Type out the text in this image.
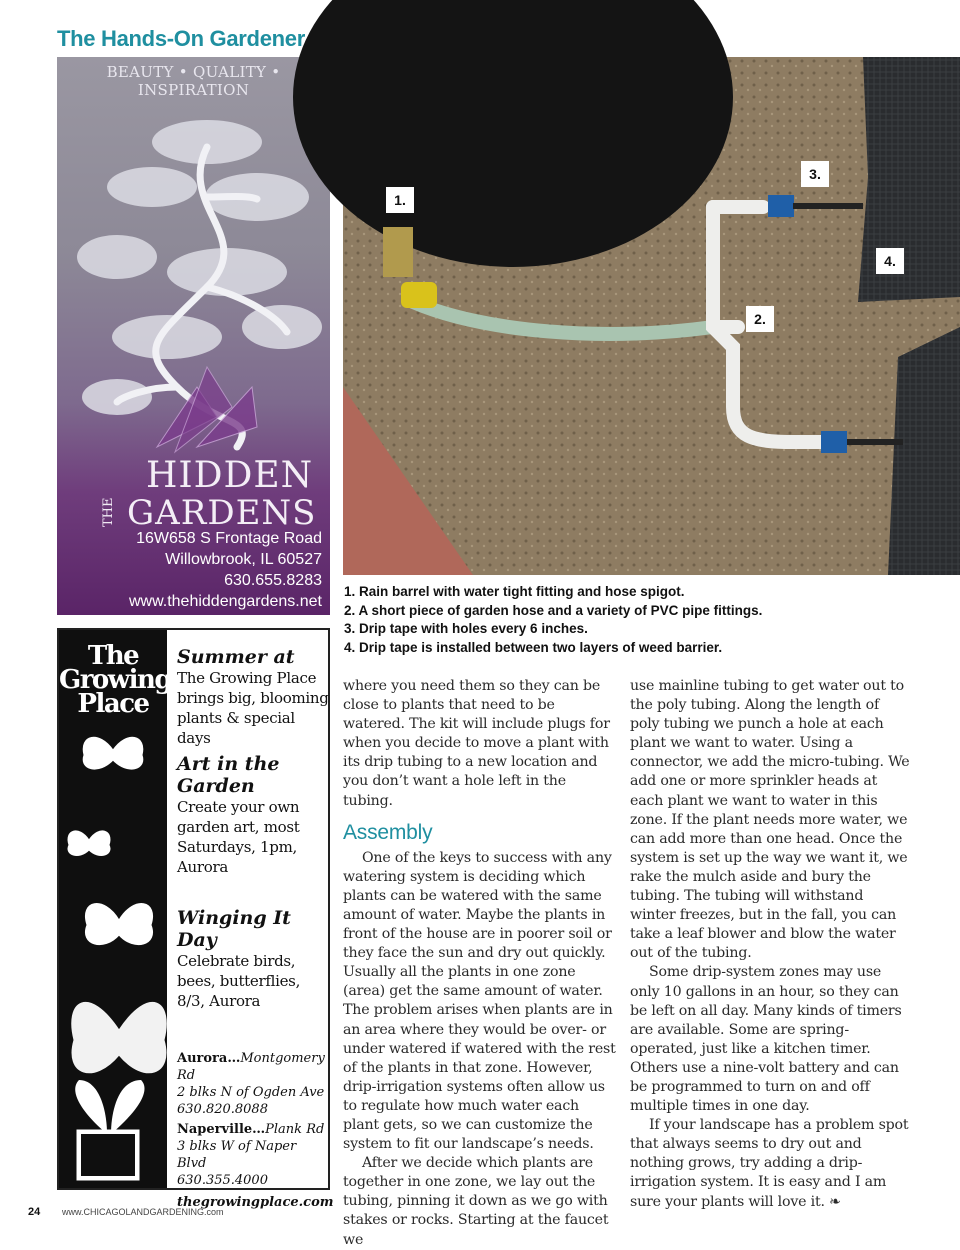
The Hands-On Gardener
BEAUTY • QUALITY • INSPIRATION
THE
HIDDEN
GARDENS
16W658 S Frontage Road
Willowbrook, IL 60527
630.655.8283
www.thehiddengardens.net
The
Growing
Place
Summer at
The Growing Place brings big, blooming plants & special days
Art in the Garden
Create your own garden art, most Saturdays, 1pm, Aurora
Winging It Day
Celebrate birds, bees, butterflies, 8/3, Aurora
Aurora…Montgomery Rd
2 blks N of Ogden Ave
630.820.8088
Naperville…Plank Rd
3 blks W of Naper Blvd
630.355.4000
thegrowingplace.com
1.
2.
3.
4.
1. Rain barrel with water tight fitting and hose spigot.
2. A short piece of garden hose and a variety of PVC pipe fittings.
3. Drip tape with holes every 6 inches.
4. Drip tape is installed between two layers of weed barrier.

where you need them so they can be close to plants that need to be watered. The kit will include plugs for when you decide to move a plant with its drip tubing to a new location and you don’t want a hole left in the tubing.

Assembly

One of the keys to success with any watering system is deciding which plants can be watered with the same amount of water. Maybe the plants in front of the house are in poorer soil or they face the sun and dry out quickly. Usually all the plants in one zone (area) get the same amount of water. The problem arises when plants are in an area where they would be over- or under watered if watered with the rest of the plants in that zone. However, drip-irrigation systems often allow us to regulate how much water each plant gets, so we can customize the system to fit our landscape’s needs.

After we decide which plants are together in one zone, we lay out the tubing, pinning it down as we go with stakes or rocks. Starting at the faucet we

use mainline tubing to get water out to the poly tubing. Along the length of poly tubing we punch a hole at each plant we want to water. Using a connector, we add the micro-tubing. We add one or more sprinkler heads at each plant we want to water in this zone. If the plant needs more water, we can add more than one head. Once the system is set up the way we want it, we rake the mulch aside and bury the tubing. The tubing will withstand winter freezes, but in the fall, you can take a leaf blower and blow the water out of the tubing.

Some drip-system zones may use only 10 gallons in an hour, so they can be left on all day. Many kinds of timers are available. Some are spring-operated, just like a kitchen timer. Others use a nine-volt battery and can be programmed to turn on and off multiple times in one day.

If your landscape has a problem spot that always seems to dry out and nothing grows, try adding a drip-irrigation system. It is easy and I am sure your plants will love it. ❧

24 www.CHICAGOLANDGARDENING.com
